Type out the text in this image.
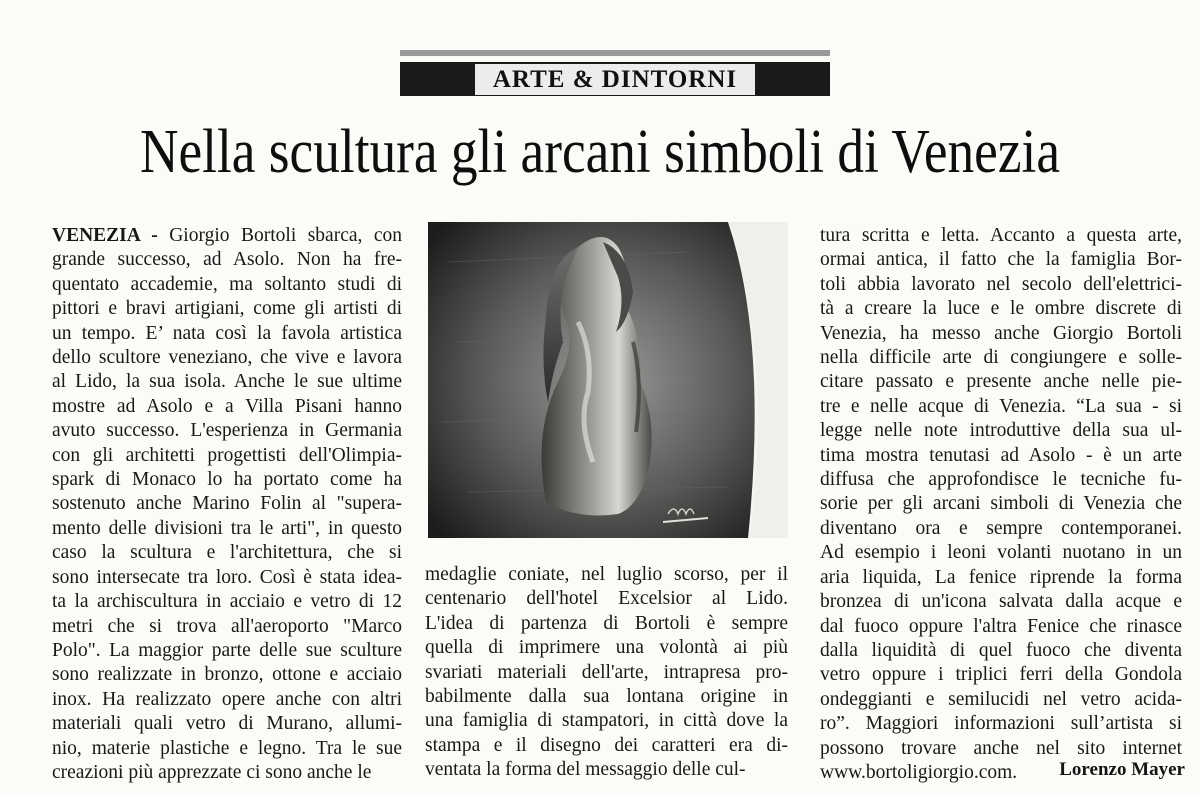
ARTE & DINTORNI
Nella scultura gli arcani simboli di Venezia
VENEZIA - Giorgio Bortoli sbarca, con
grande successo, ad Asolo. Non ha fre-
quentato accademie, ma soltanto studi di
pittori e bravi artigiani, come gli artisti di
un tempo. E’ nata così la favola artistica
dello scultore veneziano, che vive e lavora
al Lido, la sua isola. Anche le sue ultime
mostre ad Asolo e a Villa Pisani hanno
avuto successo. L'esperienza in Germania
con gli architetti progettisti dell'Olimpia-
spark di Monaco lo ha portato come ha
sostenuto anche Marino Folin al "supera-
mento delle divisioni tra le arti", in questo
caso la scultura e l'architettura, che si
sono intersecate tra loro. Così è stata idea-
ta la archiscultura in acciaio e vetro di 12
metri che si trova all'aeroporto "Marco
Polo". La maggior parte delle sue sculture
sono realizzate in bronzo, ottone e acciaio
inox. Ha realizzato opere anche con altri
materiali quali vetro di Murano, allumi-
nio, materie plastiche e legno. Tra le sue
creazioni più apprezzate ci sono anche le
medaglie coniate, nel luglio scorso, per il
centenario dell'hotel Excelsior al Lido.
L'idea di partenza di Bortoli è sempre
quella di imprimere una volontà ai più
svariati materiali dell'arte, intrapresa pro-
babilmente dalla sua lontana origine in
una famiglia di stampatori, in città dove la
stampa e il disegno dei caratteri era di-
ventata la forma del messaggio delle cul-
tura scritta e letta. Accanto a questa arte,
ormai antica, il fatto che la famiglia Bor-
toli abbia lavorato nel secolo dell'elettrici-
tà a creare la luce e le ombre discrete di
Venezia, ha messo anche Giorgio Bortoli
nella difficile arte di congiungere e solle-
citare passato e presente anche nelle pie-
tre e nelle acque di Venezia. “La sua - si
legge nelle note introduttive della sua ul-
tima mostra tenutasi ad Asolo - è un arte
diffusa che approfondisce le tecniche fu-
sorie per gli arcani simboli di Venezia che
diventano ora e sempre contemporanei.
Ad esempio i leoni volanti nuotano in un
aria liquida, La fenice riprende la forma
bronzea di un'icona salvata dalla acque e
dal fuoco oppure l'altra Fenice che rinasce
dalla liquidità di quel fuoco che diventa
vetro oppure i triplici ferri della Gondola
ondeggianti e semilucidi nel vetro acida-
ro”. Maggiori informazioni sull’artista si
possono trovare anche nel sito internet
www.bortoligiorgio.com.	Lorenzo Mayer
